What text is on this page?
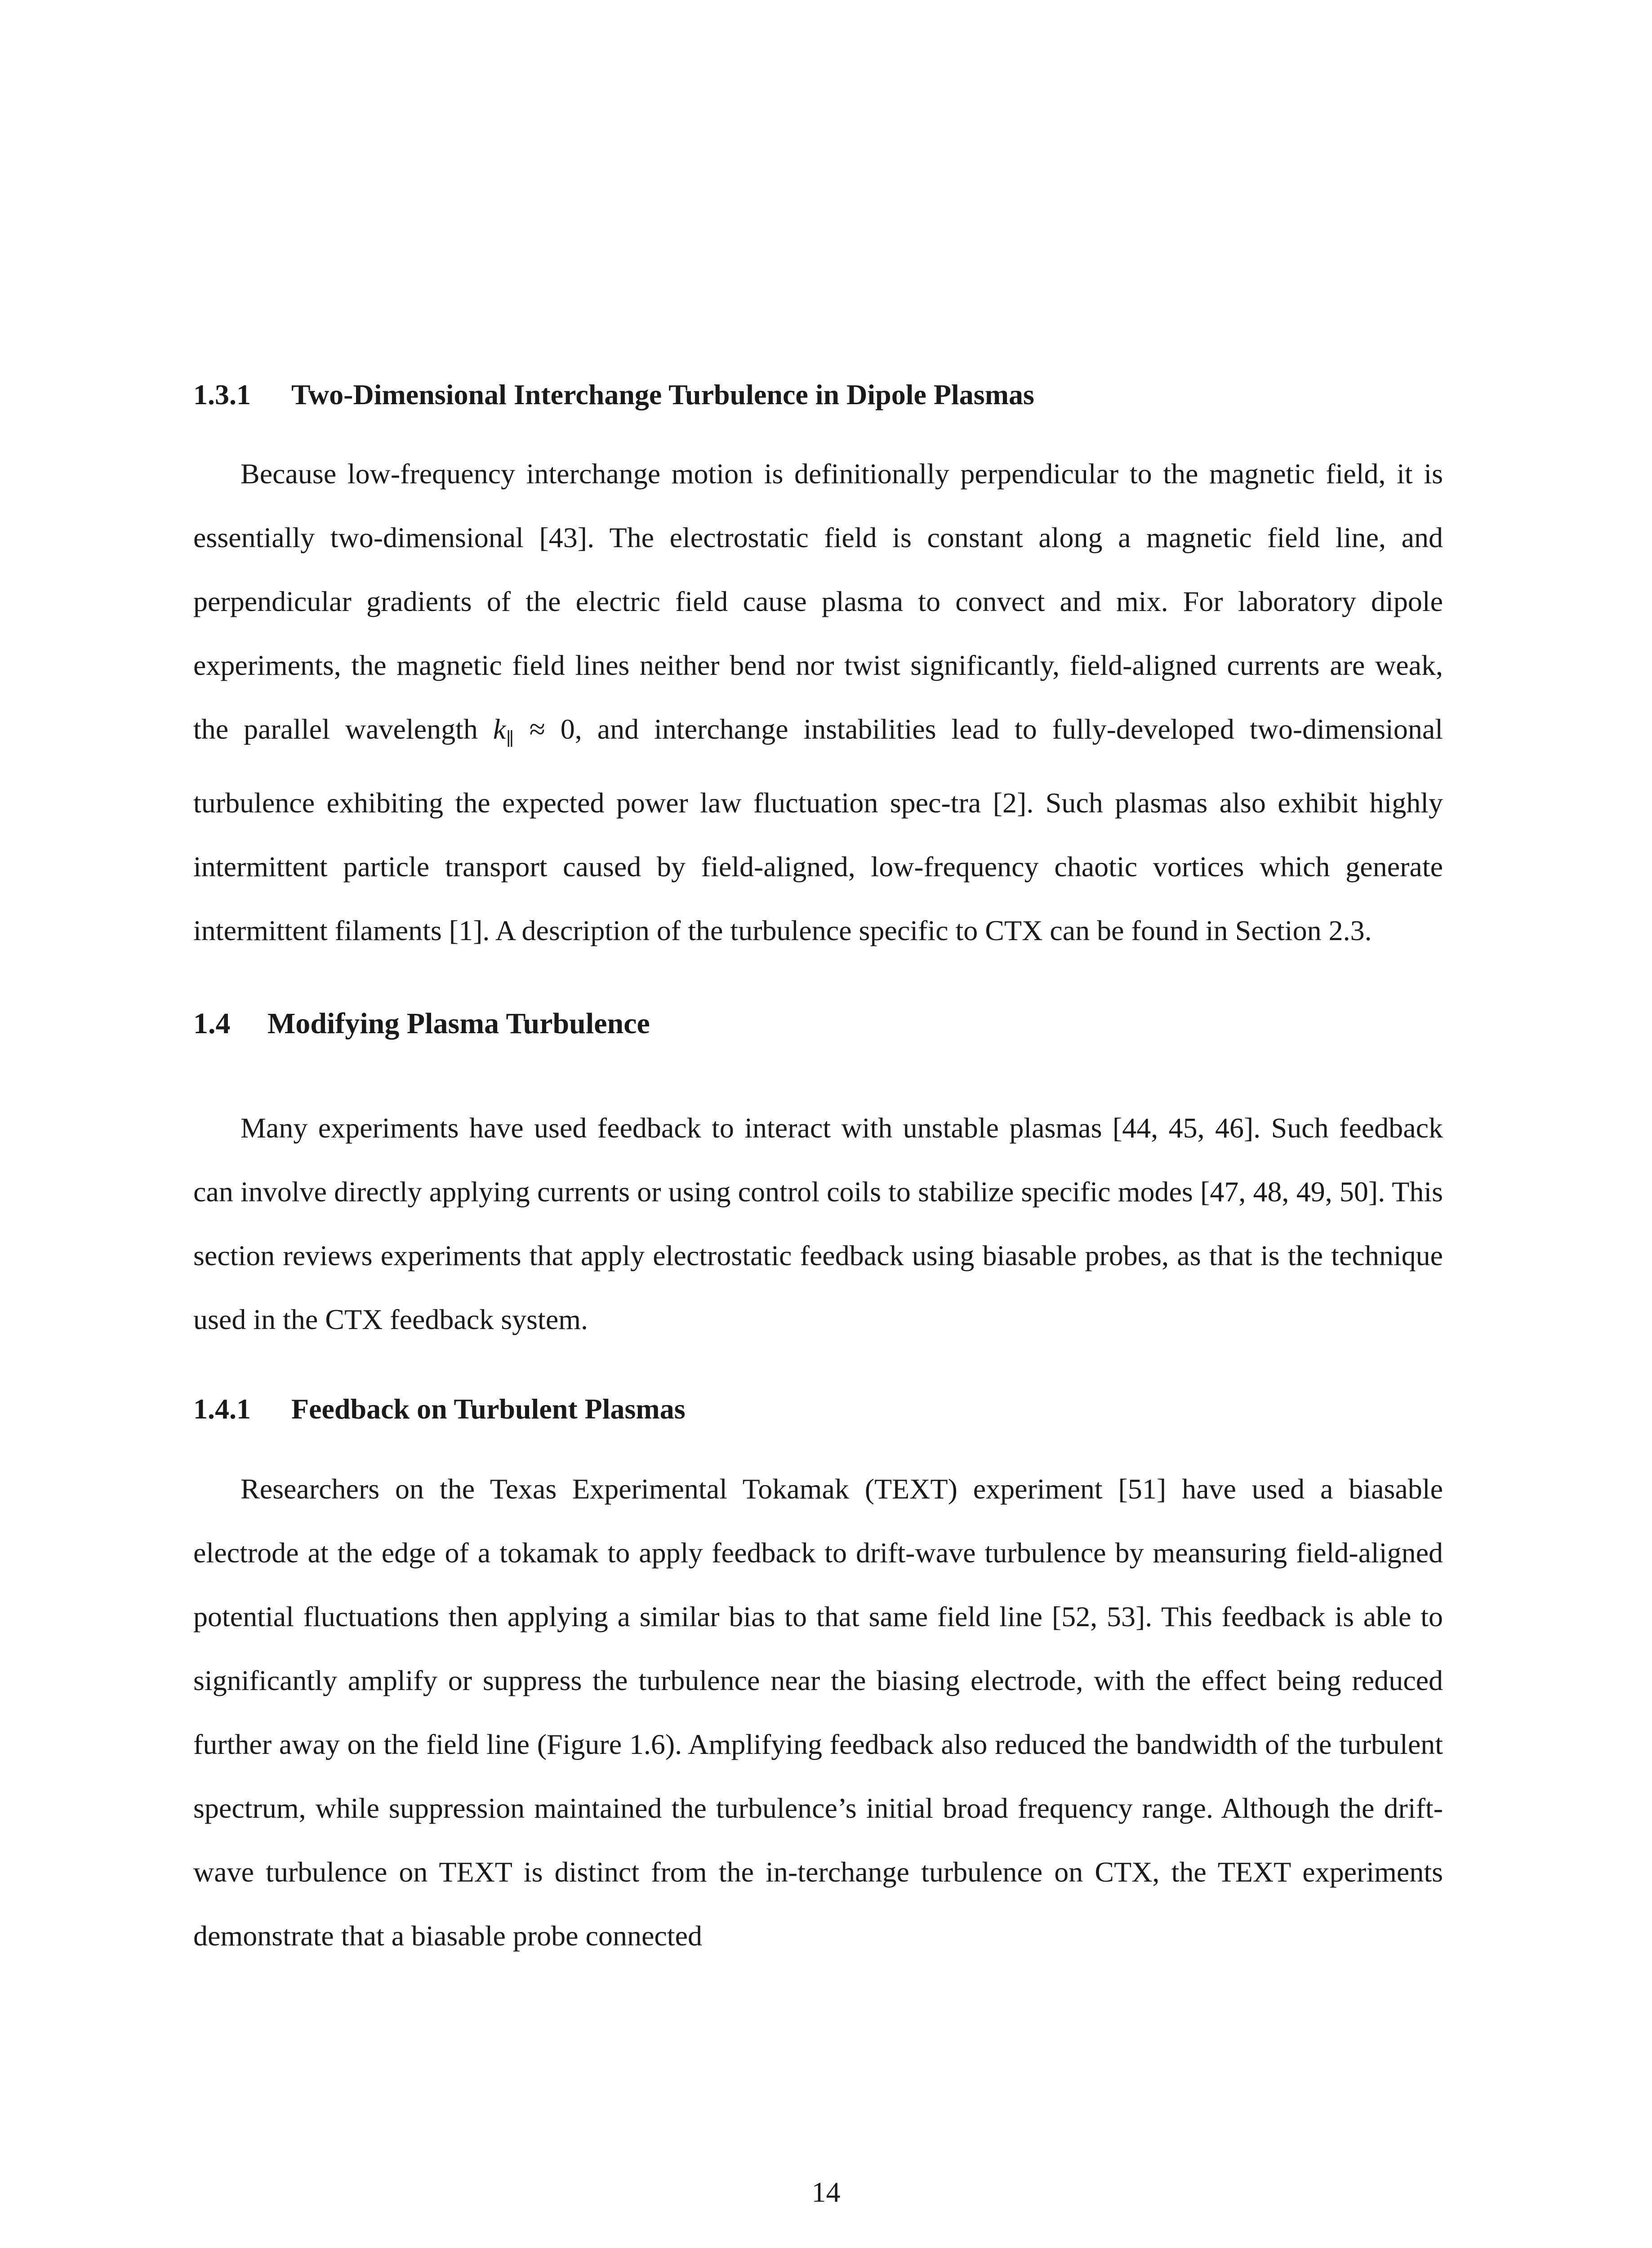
1.3.1 Two-Dimensional Interchange Turbulence in Dipole Plasmas

Because low-frequency interchange motion is definitionally perpendicular to the magnetic field, it is essentially two-dimensional [43]. The electrostatic field is constant along a magnetic field line, and perpendicular gradients of the electric field cause plasma to convect and mix. For laboratory dipole experiments, the magnetic field lines neither bend nor twist significantly, field-aligned currents are weak, the parallel wavelength $k_\parallel \approx 0$, and interchange instabilities lead to fully-developed two-dimensional turbulence exhibiting the expected power law fluctuation spec-tra [2]. Such plasmas also exhibit highly intermittent particle transport caused by field-aligned, low-frequency chaotic vortices which generate intermittent filaments [1]. A description of the turbulence specific to CTX can be found in Section 2.3.

1.4 Modifying Plasma Turbulence

Many experiments have used feedback to interact with unstable plasmas [44, 45, 46]. Such feedback can involve directly applying currents or using control coils to stabilize specific modes [47, 48, 49, 50]. This section reviews experiments that apply electrostatic feedback using biasable probes, as that is the technique used in the CTX feedback system.

1.4.1 Feedback on Turbulent Plasmas

Researchers on the Texas Experimental Tokamak (TEXT) experiment [51] have used a biasable electrode at the edge of a tokamak to apply feedback to drift-wave turbulence by meansuring field-aligned potential fluctuations then applying a similar bias to that same field line [52, 53]. This feedback is able to significantly amplify or suppress the turbulence near the biasing electrode, with the effect being reduced further away on the field line (Figure 1.6). Amplifying feedback also reduced the bandwidth of the turbulent spectrum, while suppression maintained the turbulence’s initial broad frequency range. Although the drift-wave turbulence on TEXT is distinct from the in-terchange turbulence on CTX, the TEXT experiments demonstrate that a biasable probe connected

14
